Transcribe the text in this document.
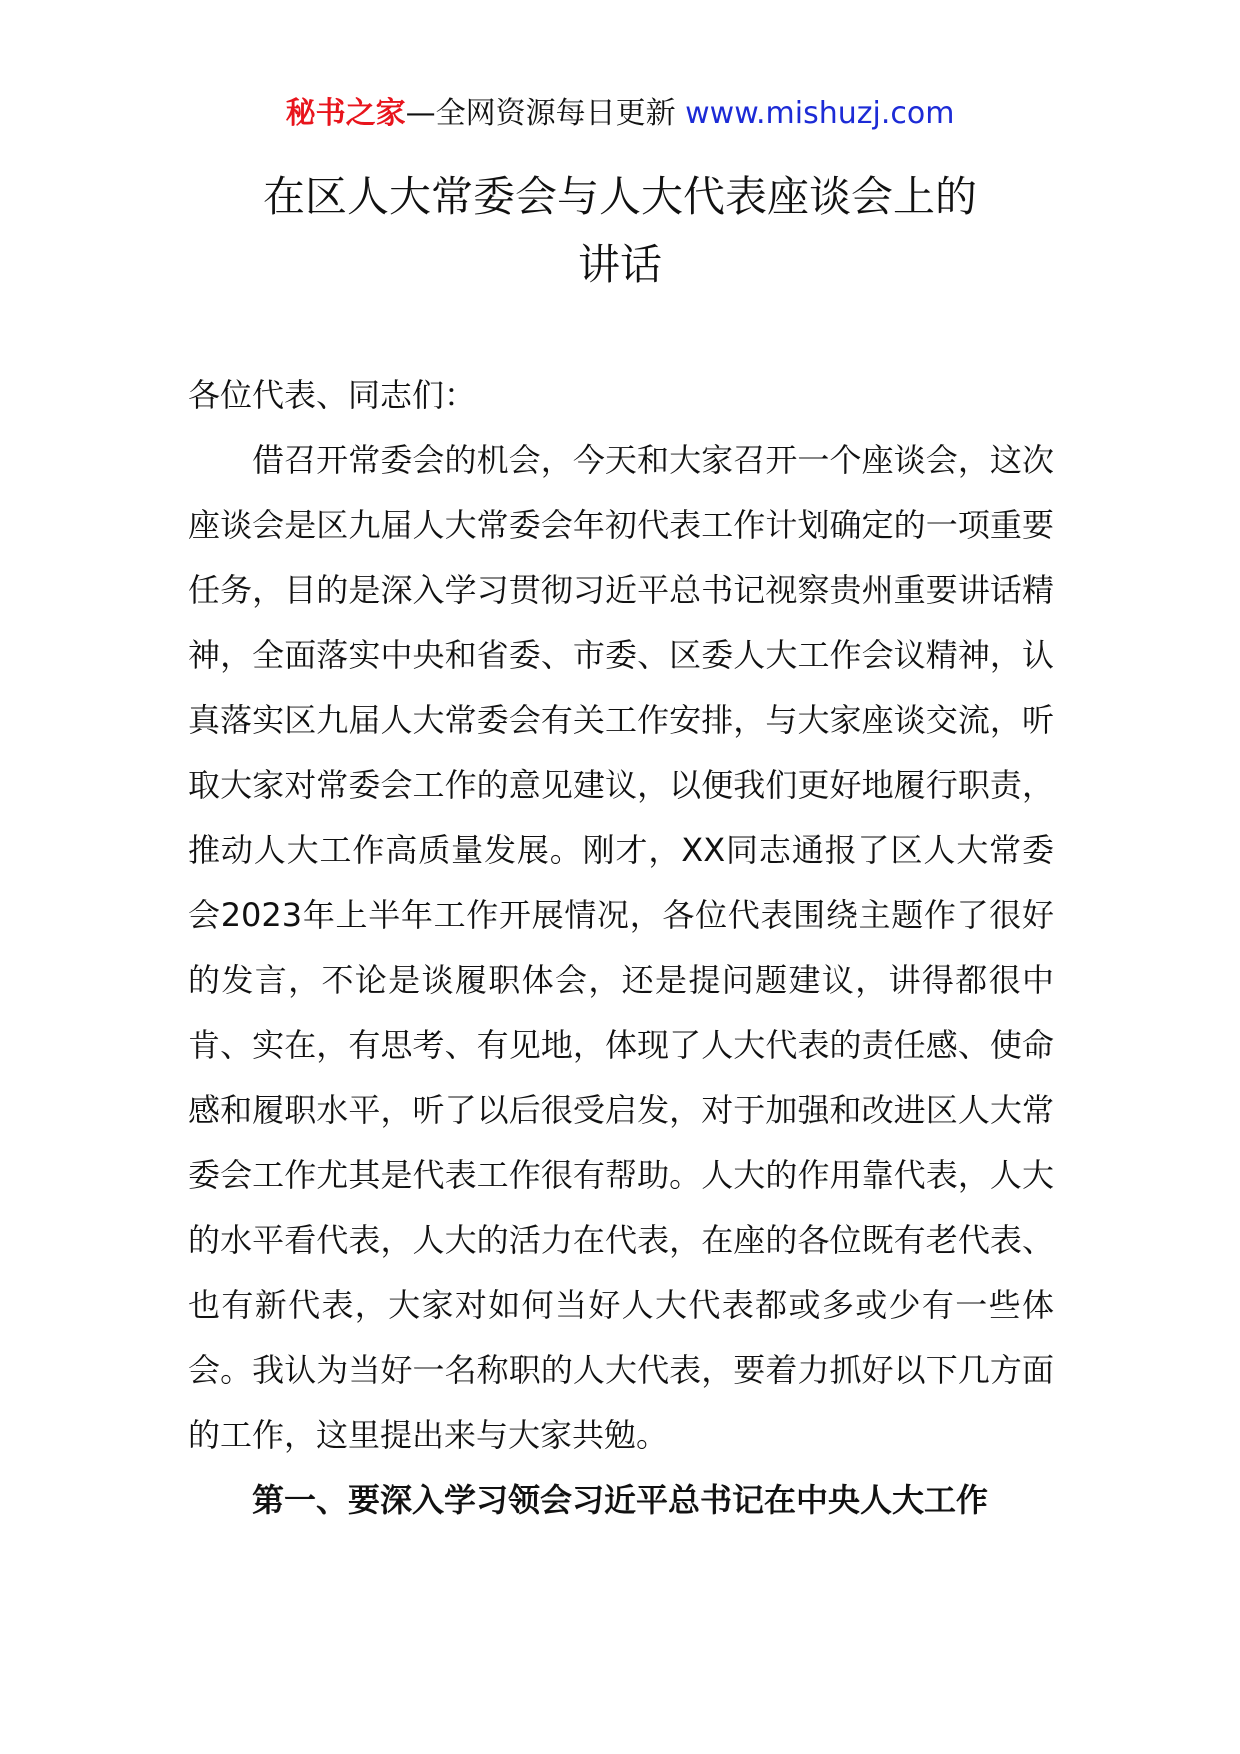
秘书之家—全网资源每日更新 www.mishuzj.com
在区人大常委会与人大代表座谈会上的
讲话

各位代表、同志们：

借召开常委会的机会，今天和大家召开一个座谈会，这次座谈会是区九届人大常委会年初代表工作计划确定的一项重要任务，目的是深入学习贯彻习近平总书记视察贵州重要讲话精神，全面落实中央和省委、市委、区委人大工作会议精神，认真落实区九届人大常委会有关工作安排，与大家座谈交流，听取大家对常委会工作的意见建议，以便我们更好地履行职责，推动人大工作高质量发展。刚才，XX同志通报了区人大常委会2023年上半年工作开展情况，各位代表围绕主题作了很好的发言，不论是谈履职体会，还是提问题建议，讲得都很中肯、实在，有思考、有见地，体现了人大代表的责任感、使命感和履职水平，听了以后很受启发，对于加强和改进区人大常委会工作尤其是代表工作很有帮助。人大的作用靠代表，人大的水平看代表，人大的活力在代表，在座的各位既有老代表、也有新代表，大家对如何当好人大代表都或多或少有一些体会。我认为当好一名称职的人大代表，要着力抓好以下几方面的工作，这里提出来与大家共勉。

第一、要深入学习领会习近平总书记在中央人大工作
